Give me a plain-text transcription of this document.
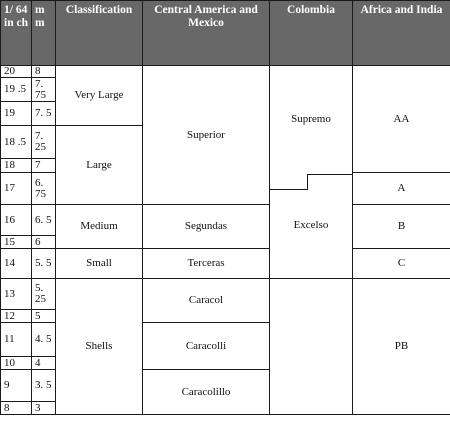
1/ 64 in ch	m m	Classification	Central America and Mexico	Colombia	Africa and India
20	8	Very Large	Superior	Supremo	AA
19 .5	7. 75				
19	7. 5				
18 .5	7. 25	Large			
18	7				
17	6. 75			Excelso	A
16	6. 5	Medium	Segundas		B
15	6				
14	5. 5	Small	Terceras		C
13	5. 25	Shells	Caracol		PB
12	5				
11	4. 5		Caracolli		
10	4				
9	3. 5		Caracolillo		
8	3				
